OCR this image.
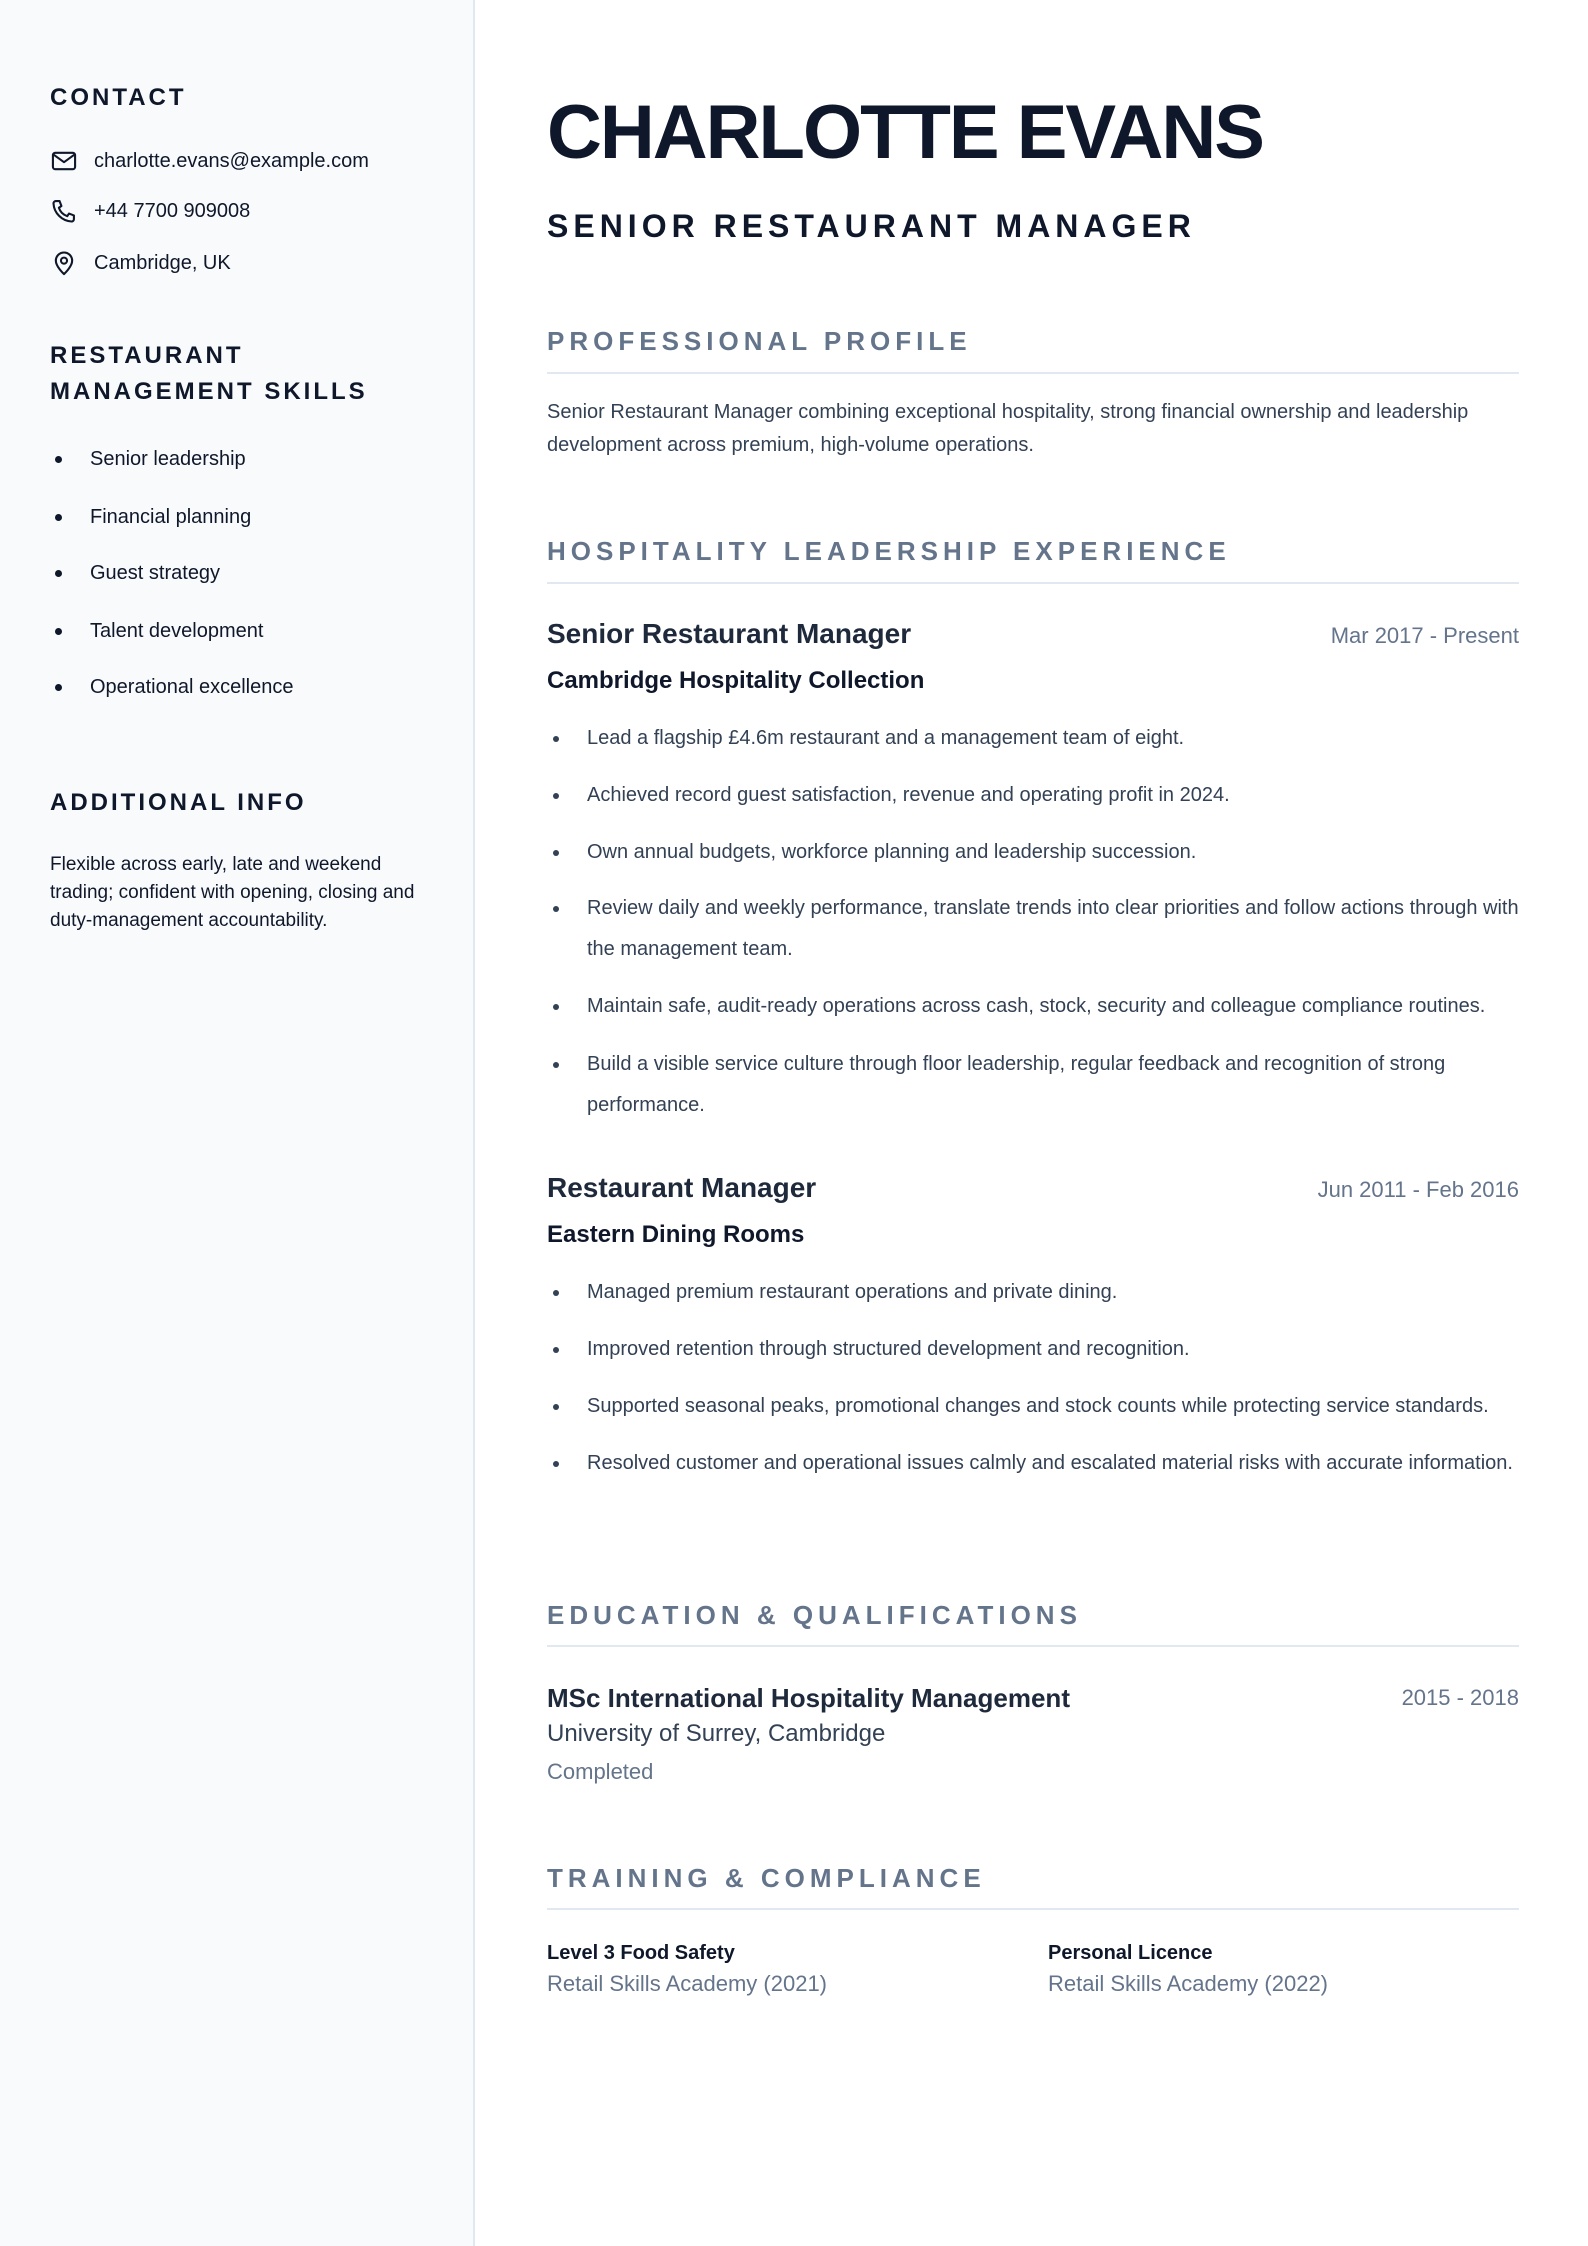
CONTACT
charlotte.evans@example.com
+44 7700 909008
Cambridge, UK
RESTAURANT
MANAGEMENT SKILLS
Senior leadership
Financial planning
Guest strategy
Talent development
Operational excellence
ADDITIONAL INFO
Flexible across early, late and weekend trading; confident with opening, closing and duty-management accountability.
CHARLOTTE EVANS
SENIOR RESTAURANT MANAGER
PROFESSIONAL PROFILE

Senior Restaurant Manager combining exceptional hospitality, strong financial ownership and leadership development across premium, high-volume operations.

HOSPITALITY LEADERSHIP EXPERIENCE
Senior Restaurant Manager	Mar 2017 - Present
Cambridge Hospitality Collection
Lead a flagship £4.6m restaurant and a management team of eight.
Achieved record guest satisfaction, revenue and operating profit in 2024.
Own annual budgets, workforce planning and leadership succession.
Review daily and weekly performance, translate trends into clear priorities and follow actions through with the management team.
Maintain safe, audit-ready operations across cash, stock, security and colleague compliance routines.
Build a visible service culture through floor leadership, regular feedback and recognition of strong performance.
Restaurant Manager	Jun 2011 - Feb 2016
Eastern Dining Rooms
Managed premium restaurant operations and private dining.
Improved retention through structured development and recognition.
Supported seasonal peaks, promotional changes and stock counts while protecting service standards.
Resolved customer and operational issues calmly and escalated material risks with accurate information.
EDUCATION & QUALIFICATIONS
MSc International Hospitality Management	2015 - 2018
University of Surrey, Cambridge
Completed
TRAINING & COMPLIANCE
Level 3 Food Safety
Retail Skills Academy (2021)
Personal Licence
Retail Skills Academy (2022)
